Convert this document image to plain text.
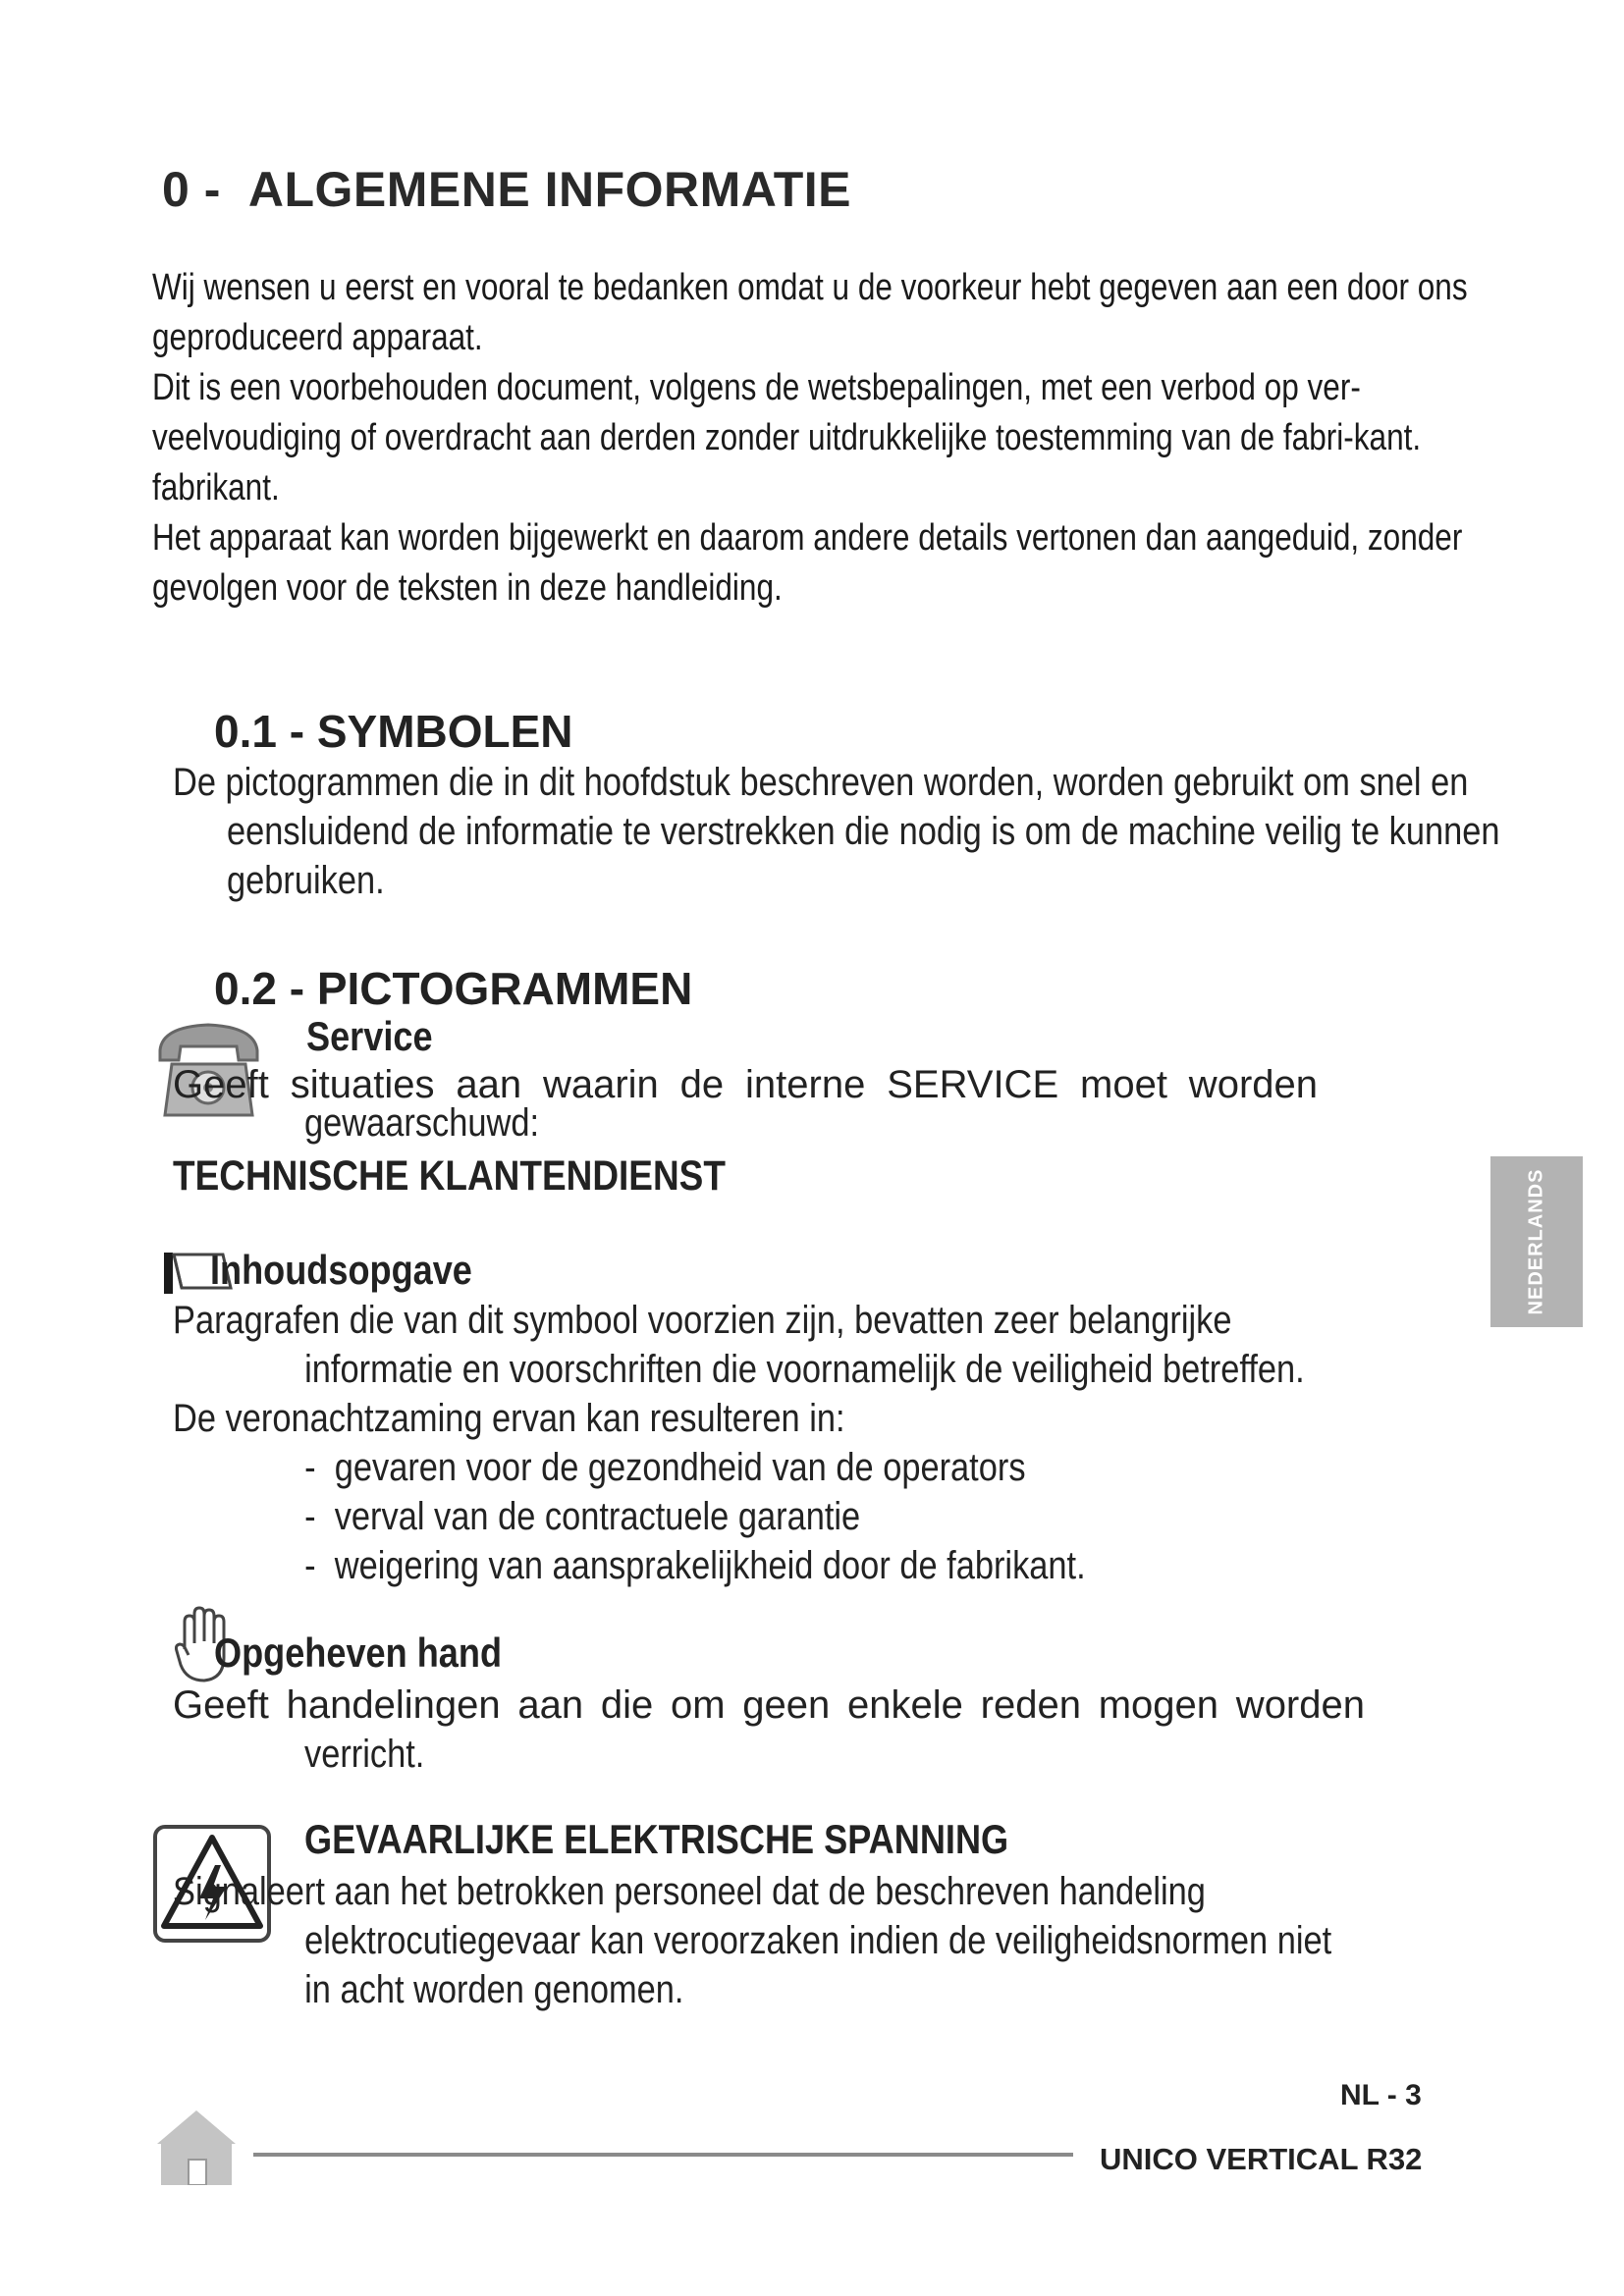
0 - ALGEMENE INFORMATIE

Wij wensen u eerst en vooral te bedanken omdat u de voorkeur hebt gegeven aan een door ons geproduceerd apparaat.

Dit is een voorbehouden document, volgens de wetsbepalingen, met een verbod op ver-veelvoudiging of overdracht aan derden zonder uitdrukkelijke toestemming van de fabri-kant. fabrikant.

Het apparaat kan worden bijgewerkt en daarom andere details vertonen dan aangeduid, zonder gevolgen voor de teksten in deze handleiding.

0.1 - SYMBOLEN
De pictogrammen die in dit hoofdstuk beschreven worden, worden gebruikt om snel en eensluidend de informatie te verstrekken die nodig is om de machine veilig te kunnen gebruiken.
0.2 - PICTOGRAMMEN
Service
Geeft situaties aan waarin de interne SERVICE moet worden
gewaarschuwd:
TECHNISCHE KLANTENDIENST
Inhoudsopgave
Paragrafen die van dit symbool voorzien zijn, bevatten zeer belangrijke
informatie en voorschriften die voornamelijk de veiligheid betreffen.
De veronachtzaming ervan kan resulteren in:
- gevaren voor de gezondheid van de operators
- verval van de contractuele garantie
- weigering van aansprakelijkheid door de fabrikant.
Opgeheven hand
Geeft handelingen aan die om geen enkele reden mogen worden
verricht.
GEVAARLIJKE ELEKTRISCHE SPANNING
Signaleert aan het betrokken personeel dat de beschreven handeling
elektrocutiegevaar kan veroorzaken indien de veiligheidsnormen niet
in acht worden genomen.
NEDERLANDS
NL - 3
UNICO VERTICAL R32
